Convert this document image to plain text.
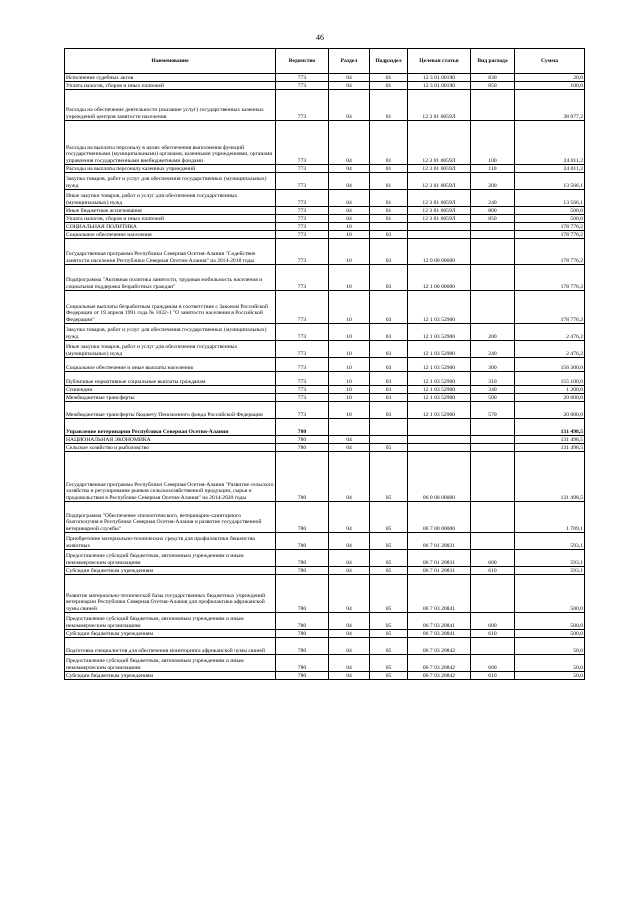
46
Наименование	Ведомство	Раздел	Подраздел	Целевая статья	Вид расхода	Сумма
Исполнение судебных актов	773	04	01	12 3 01 00190	830	20,0
Уплата налогов, сборов и иных платежей	773	04	01	12 3 01 00190	850	100,0
Расходы на обеспечение деятельности (оказание услуг) государственных казенных учреждений центров занятости населения	773	04	01	12 3 01 0059Л		38 077,2
Расходы на выплаты персоналу в целях обеспечения выполнения функций государственными (муниципальными) органами, казенными учреждениями, органами управления государственными внебюджетными фондами	773	04	01	12 3 01 0059Л	100	24 011,2
Расходы на выплаты персоналу казенных учреждений	773	04	01	12 3 01 0059Л	110	24 011,2
Закупка товаров, работ и услуг для обеспечения государственных (муниципальных) нужд	773	04	01	12 3 01 0059Л	200	13 566,1
Иные закупки товаров, работ и услуг для обеспечения государственных (муниципальных) нужд	773	04	01	12 3 01 0059Л	240	13 566,1
Иные бюджетные ассигнования	773	04	01	12 3 01 0059Л	800	500,0
Уплата налогов, сборов и иных платежей	773	04	01	12 3 01 0059Л	850	500,0
СОЦИАЛЬНАЯ ПОЛИТИКА	773	10				178 776,2
Социальное обеспечение населения	773	10	03			178 776,2
Государственная программа Республики Северная Осетия-Алания "Содействие занятости населения Республики Северная Осетия-Алания" на 2014-2018 годы	773	10	03	12 0 00 00000		178 776,2
Подпрограмма "Активная политика занятости, трудовая мобильность населения и социальная поддержка безработных граждан"	773	10	03	12 1 00 00000		178 776,2
Социальные выплаты безработным гражданам в соответствие с Законом Российской Федерации от 19 апреля 1991 года № 1032-1 "О занятости населения в Российской Федерации"	773	10	03	12 1 03 52900		178 776,2
Закупка товаров, работ и услуг для обеспечения государственных (муниципальных) нужд	773	10	03	12 1 03 52900	200	2 476,2
Иные закупки товаров, работ и услуг для обеспечения государственных (муниципальных) нужд	773	10	03	12 1 03 52900	240	2 476,2
Социальное обеспечение и иные выплаты населению	773	10	03	12 1 03 52900	300	156 300,0
Публичные нормативные социальные выплаты гражданам	773	10	03	12 1 03 52900	310	155 100,0
Стипендии	773	10	03	12 1 03 52900	340	1 200,0
Межбюджетные трансферты	773	10	03	12 1 03 52900	500	20 000,0
Межбюджетные трансферты бюджету Пенсионного фонда Российской Федерации	773	10	03	12 1 03 52900	570	20 000,0
Управление ветеринарии Республики Северная Осетия-Алания	780					131 498,5
НАЦИОНАЛЬНАЯ ЭКОНОМИКА	780	04				131 498,5
Сельское хозяйство и рыболовство	780	04	05			131 498,5
Государственная программа Республики Северная Осетия-Алания "Развитие сельского хозяйства и регулирование рынков сельскохозяйственной продукции, сырья и продовольствия в Республике Северная Осетия-Алания" на 2014-2020 годы	780	04	05	06 0 00 00000		131 498,5
Подпрограмма "Обеспечение эпизоотического, ветеринарно-санитарного благополучия в Республике Северная Осетия-Алания и развитие государственной ветеринарной службы"	780	04	05	06 7 00 00000		1 709,1
Приобретение материально-технических средств для профилактики бешенства животных	780	04	05	06 7 01 20831		593,1
Предоставление субсидий бюджетным, автономным учреждениям и иным некоммерческим организациям	780	04	05	06 7 01 20831	600	593,1
Субсидии бюджетным учреждениям	780	04	05	06 7 01 20831	610	593,1
Развитие материально-технической базы государственных бюджетных учреждений ветеринарии Республики Северная Осетия-Алания для профилактики африканской чумы свиней	780	04	05	06 7 03 20841		500,0
Предоставление субсидий бюджетным, автономным учреждениям и иным некоммерческим организациям	780	04	05	06 7 03 20841	600	500,0
Субсидии бюджетным учреждениям	780	04	05	06 7 03 20841	610	500,0
Подготовка специалистов для обеспечения мониторинга африканской чумы свиней	780	04	05	06 7 03 20842		50,0
Предоставление субсидий бюджетным, автономным учреждениям и иным некоммерческим организациям	780	04	05	06 7 03 20842	600	50,0
Субсидии бюджетным учреждениям	780	04	05	06 7 03 20842	610	50,0
